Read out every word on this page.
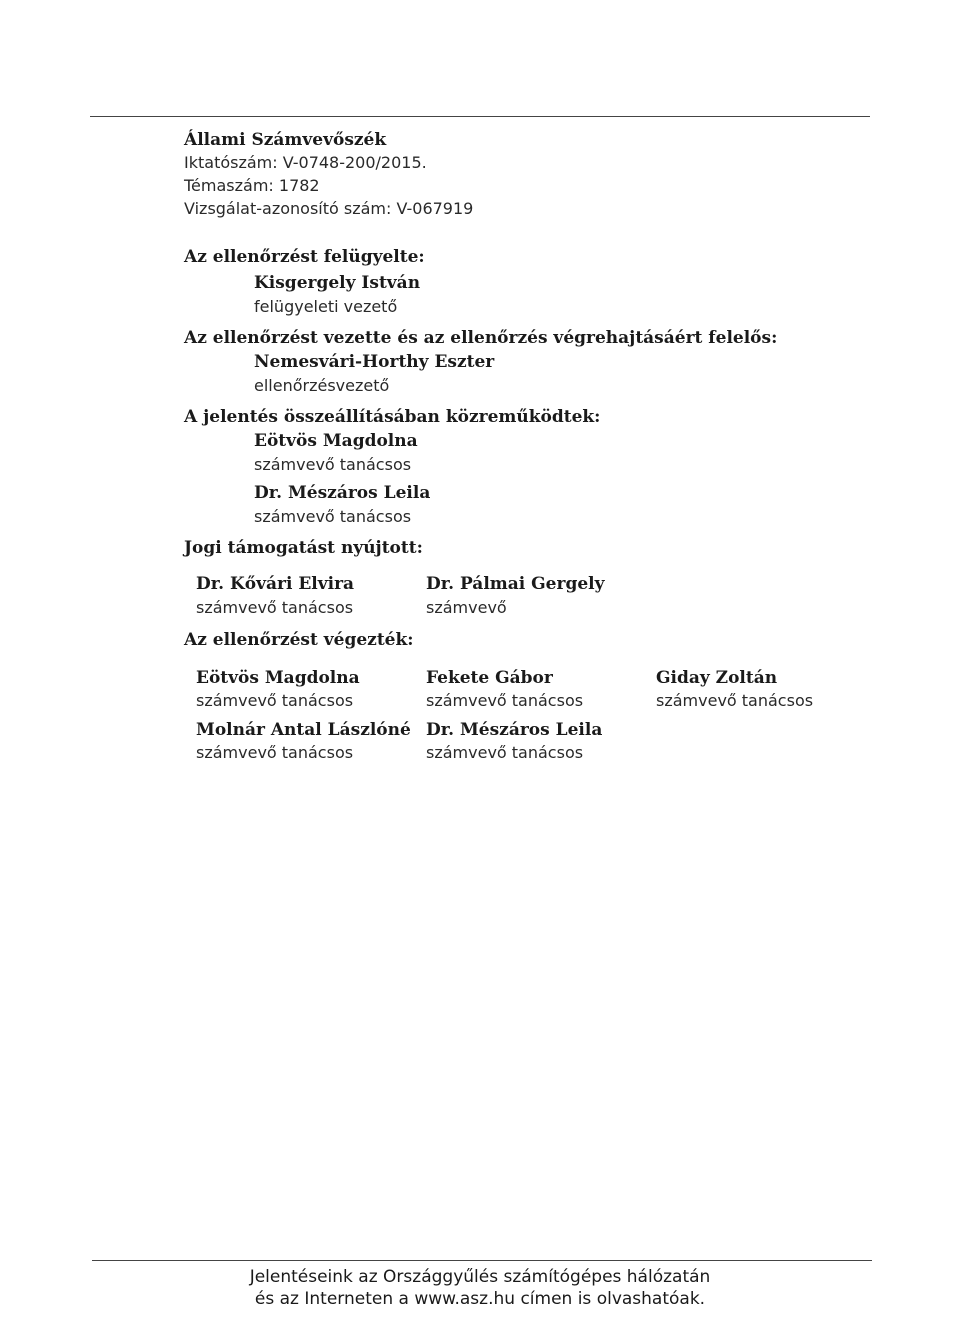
Állami Számvevőszék
Iktatószám: V-0748-200/2015.
Témaszám: 1782
Vizsgálat-azonosító szám: V-067919
Az ellenőrzést felügyelte:
Kisgergely István
felügyeleti vezető
Az ellenőrzést vezette és az ellenőrzés végrehajtásáért felelős:
Nemesvári-Horthy Eszter
ellenőrzésvezető
A jelentés összeállításában közreműködtek:
Eötvös Magdolna
számvevő tanácsos
Dr. Mészáros Leila
számvevő tanácsos
Jogi támogatást nyújtott:
Dr. Kővári Elvira
számvevő tanácsos
Dr. Pálmai Gergely
számvevő
Az ellenőrzést végezték:
Eötvös Magdolna
számvevő tanácsos
Fekete Gábor
számvevő tanácsos
Giday Zoltán
számvevő tanácsos
Molnár Antal Lászlóné
számvevő tanácsos
Dr. Mészáros Leila
számvevő tanácsos
Jelentéseink az Országgyűlés számítógépes hálózatán
és az Interneten a www.asz.hu címen is olvashatóak.
